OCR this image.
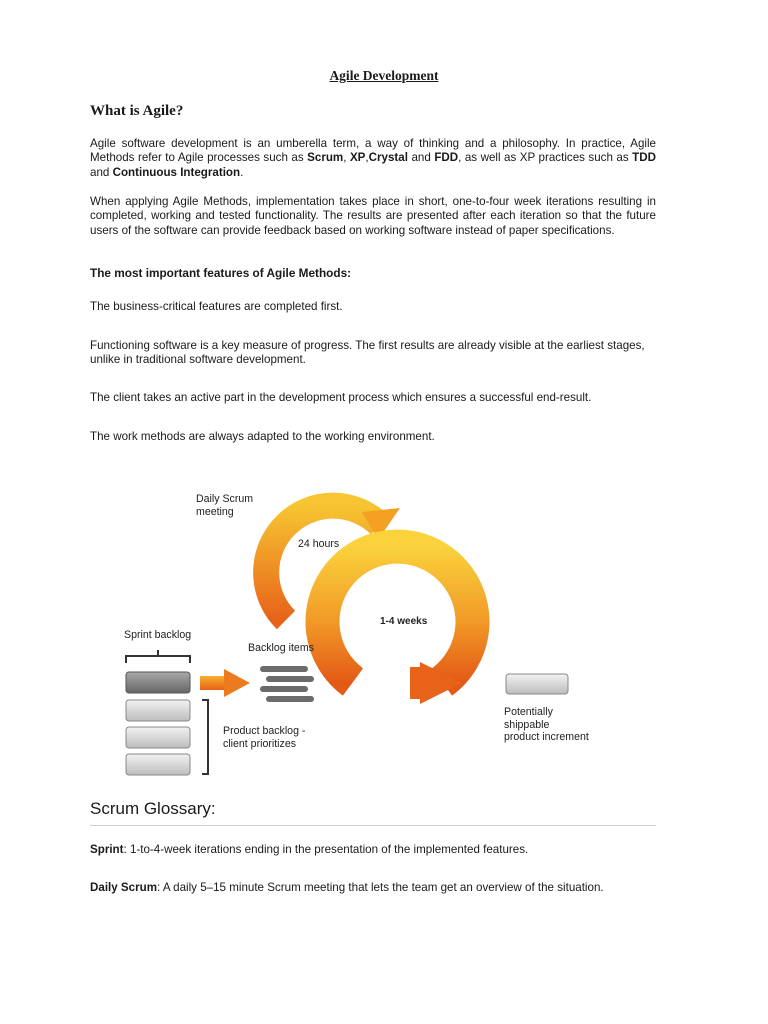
Agile Development
What is Agile?

Agile software development is an umberella term, a way of thinking and a philosophy. In practice, Agile Methods refer to Agile processes such as Scrum, XP,Crystal and FDD, as well as XP practices such as TDD and Continuous Integration.

When applying Agile Methods, implementation takes place in short, one-to-four week iterations resulting in completed, working and tested functionality. The results are presented after each iteration so that the future users of the software can provide feedback based on working software instead of paper specifications.

The most important features of Agile Methods:

The business-critical features are completed first.

Functioning software is a key measure of progress. The first results are already visible at the earliest stages, unlike in traditional software development.

The client takes an active part in the development process which ensures a successful end-result.

The work methods are always adapted to the working environment.

Daily Scrum
meeting

24 hours

1-4 weeks

Sprint backlog

Backlog items

Product backlog -
client prioritizes

Potentially shippable
product increment

Scrum Glossary:

Sprint: 1-to-4-week iterations ending in the presentation of the implemented features.

Daily Scrum: A daily 5–15 minute Scrum meeting that lets the team get an overview of the situation.
